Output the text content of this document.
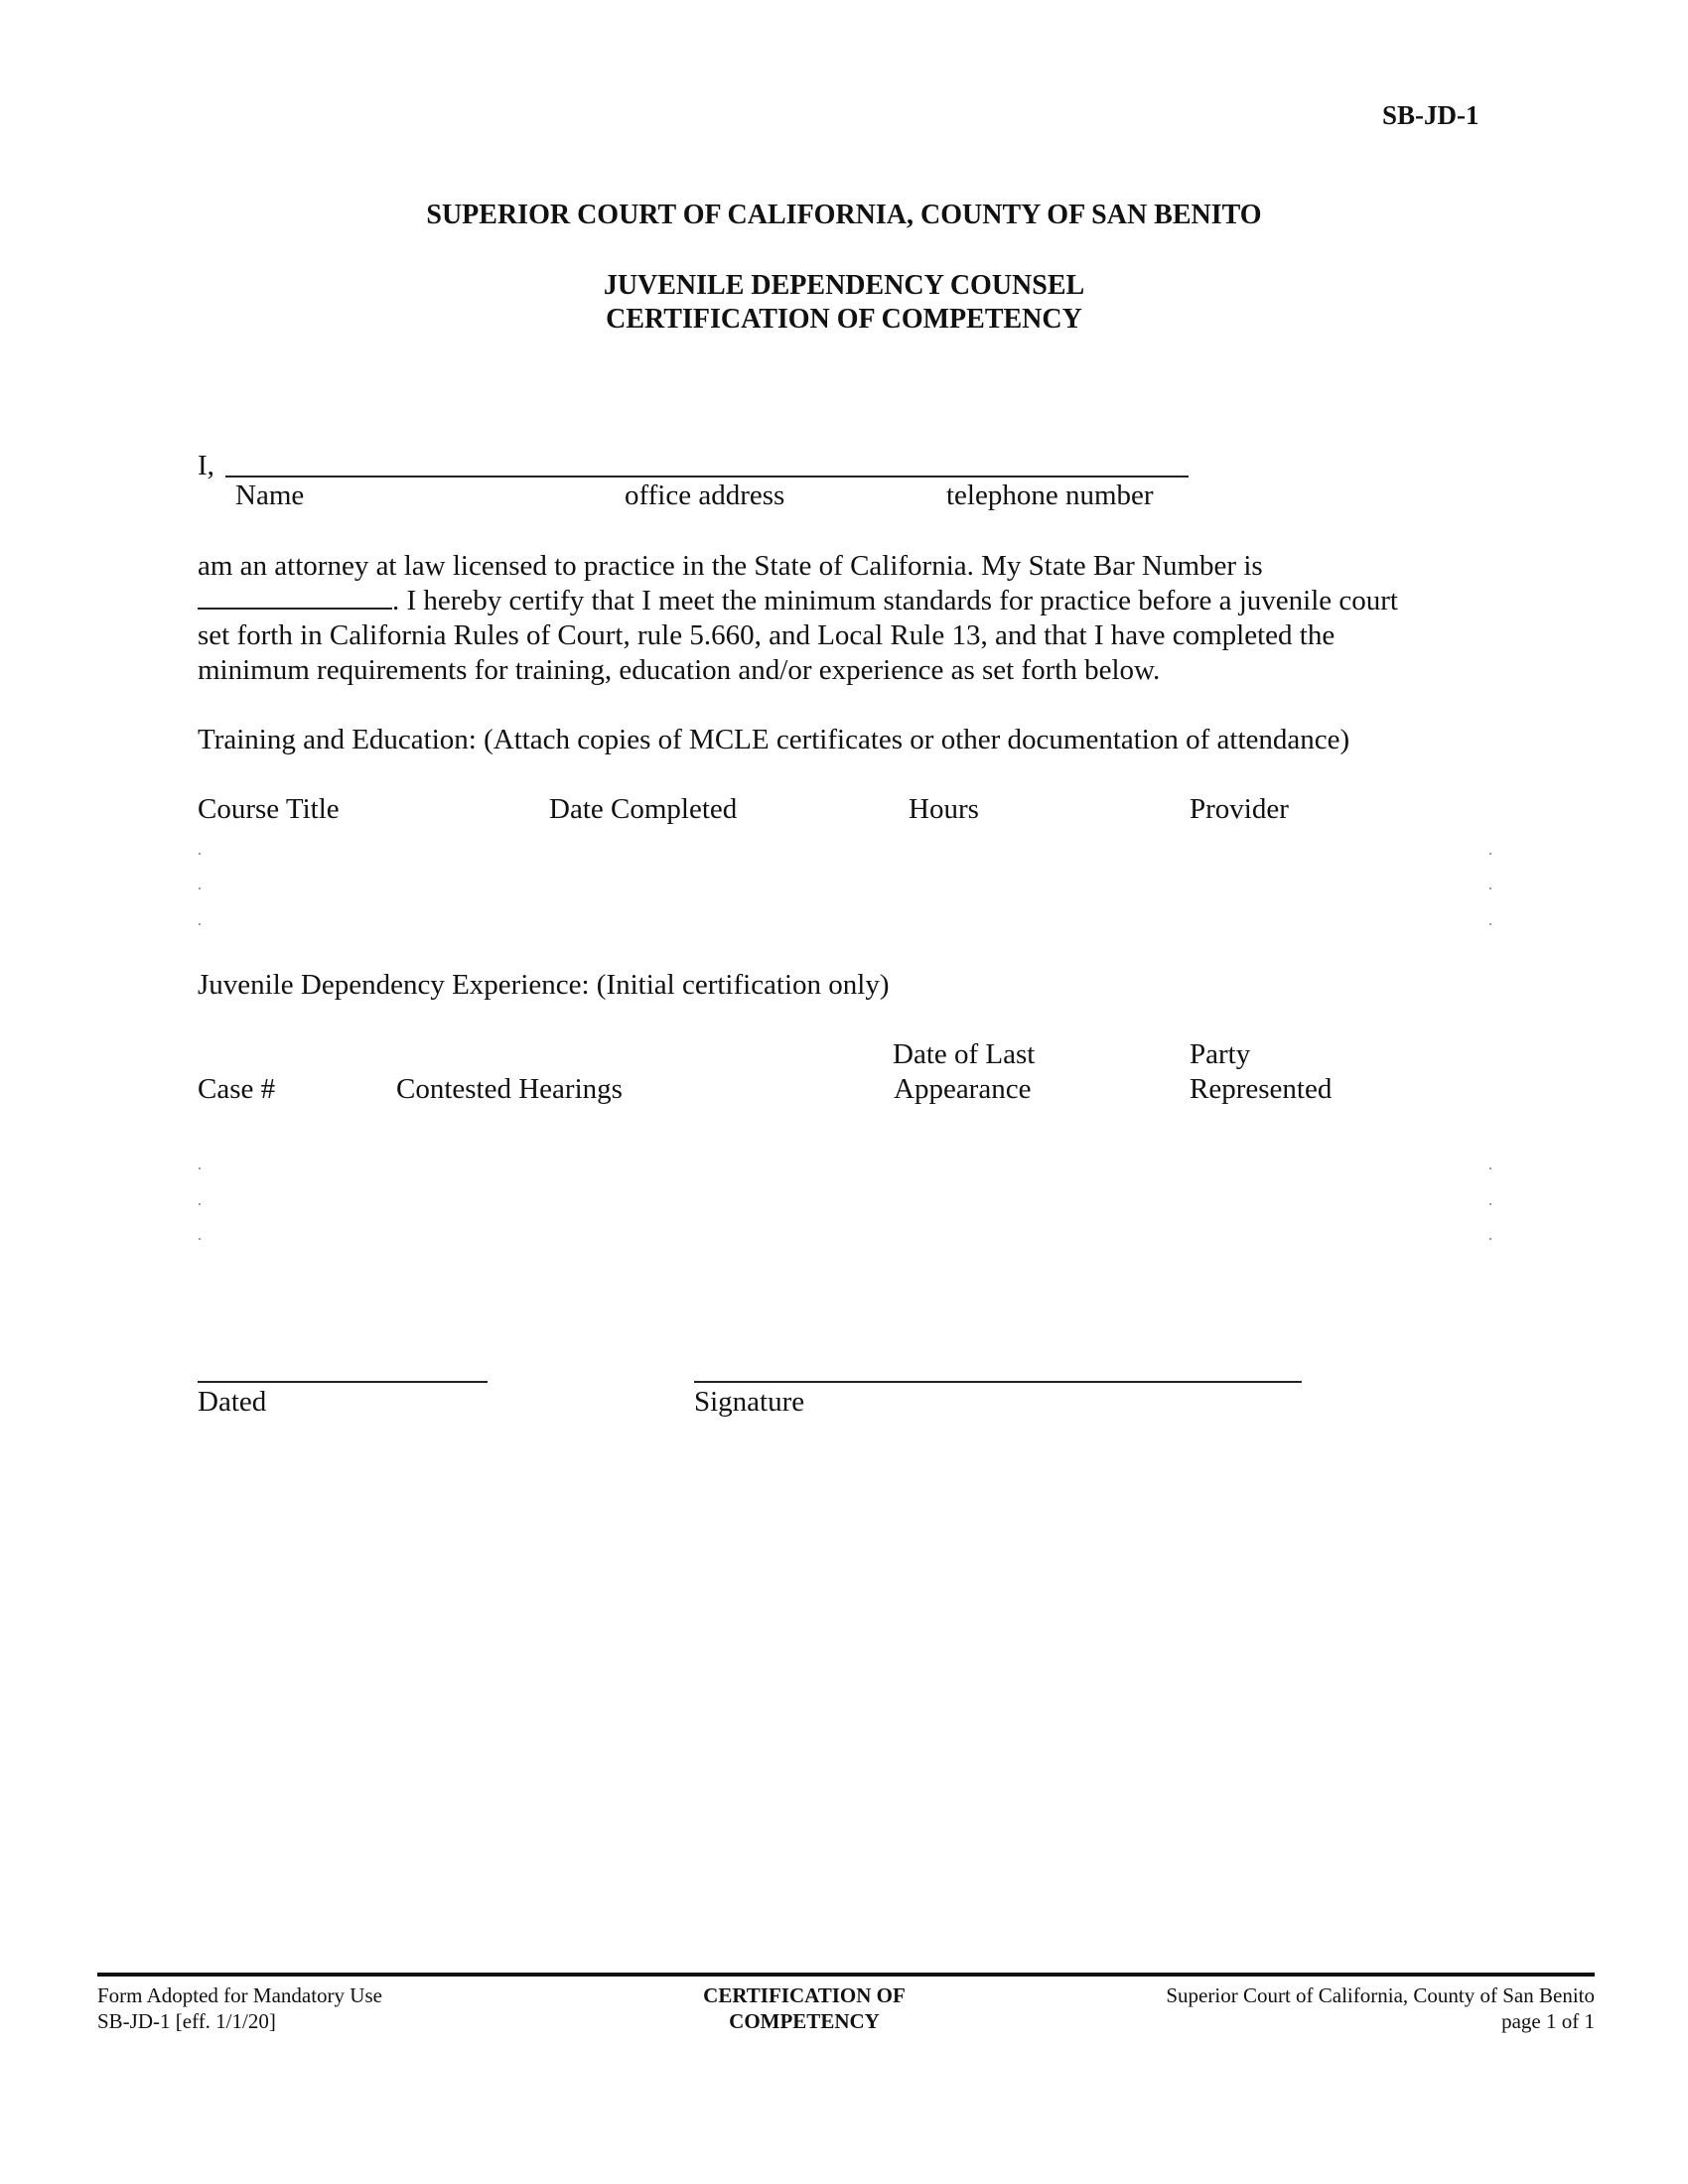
SB-JD-1
SUPERIOR COURT OF CALIFORNIA, COUNTY OF SAN BENITO
JUVENILE DEPENDENCY COUNSEL
CERTIFICATION OF COMPETENCY
I,
Name	office address	telephone number
am an attorney at law licensed to practice in the State of California. My State Bar Number is
. I hereby certify that I meet the minimum standards for practice before a juvenile court
set forth in California Rules of Court, rule 5.660, and Local Rule 13, and that I have completed the
minimum requirements for training, education and/or experience as set forth below.
Training and Education: (Attach copies of MCLE certificates or other documentation of attendance)
Course Title	Date Completed	Hours	Provider
Juvenile Dependency Experience: (Initial certification only)
Date of Last	Party
Case #	Contested Hearings	Appearance	Represented
Dated	Signature
Form Adopted for Mandatory Use
SB-JD-1 [eff. 1/1/20]
CERTIFICATION OF
COMPETENCY
Superior Court of California, County of San Benito
page 1 of 1
